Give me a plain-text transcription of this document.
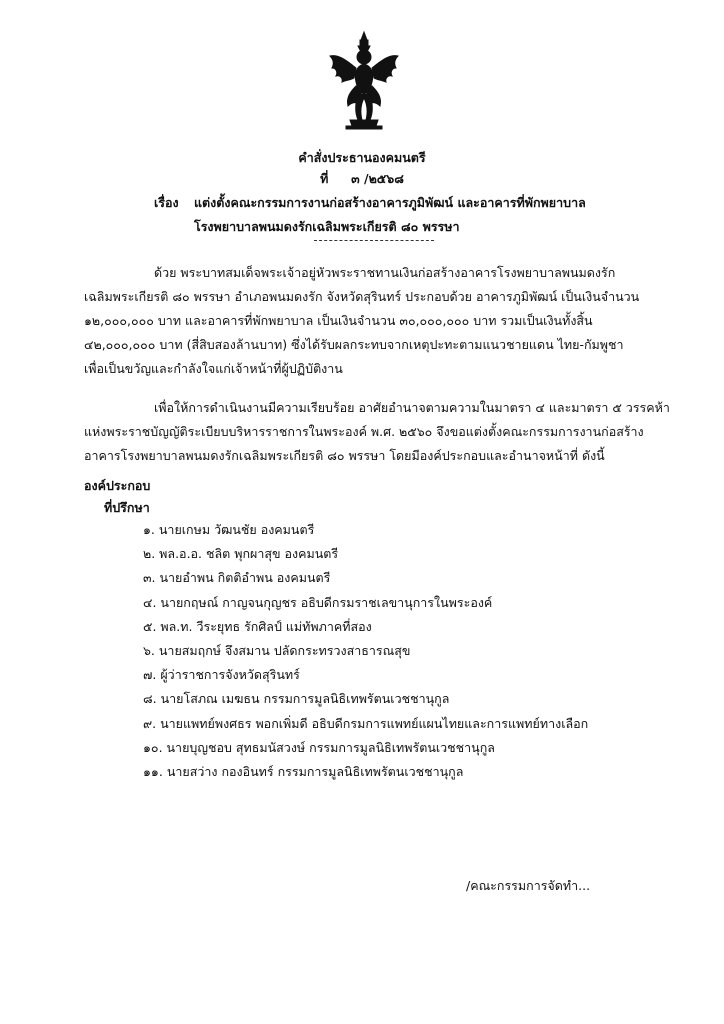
คำสั่งประธานองคมนตรี
ที่ ๓ /๒๕๖๘
เรื่อง แต่งตั้งคณะกรรมการงานก่อสร้างอาคารภูมิพัฒน์ และอาคารที่พักพยาบาล
โรงพยาบาลพนมดงรักเฉลิมพระเกียรติ ๘๐ พรรษา
ด้วย พระบาทสมเด็จพระเจ้าอยู่หัวพระราชทานเงินก่อสร้างอาคารโรงพยาบาลพนมดงรัก
เฉลิมพระเกียรติ ๘๐ พรรษา อำเภอพนมดงรัก จังหวัดสุรินทร์ ประกอบด้วย อาคารภูมิพัฒน์ เป็นเงินจำนวน
๑๒,๐๐๐,๐๐๐ บาท และอาคารที่พักพยาบาล เป็นเงินจำนวน ๓๐,๐๐๐,๐๐๐ บาท รวมเป็นเงินทั้งสิ้น
๔๒,๐๐๐,๐๐๐ บาท (สี่สิบสองล้านบาท) ซึ่งได้รับผลกระทบจากเหตุปะทะตามแนวชายแดน ไทย-กัมพูชา
เพื่อเป็นขวัญและกำลังใจแก่เจ้าหน้าที่ผู้ปฏิบัติงาน
เพื่อให้การดำเนินงานมีความเรียบร้อย อาศัยอำนาจตามความในมาตรา ๔ และมาตรา ๕ วรรคห้า
แห่งพระราชบัญญัติระเบียบบริหารราชการในพระองค์ พ.ศ. ๒๕๖๐ จึงขอแต่งตั้งคณะกรรมการงานก่อสร้าง
อาคารโรงพยาบาลพนมดงรักเฉลิมพระเกียรติ ๘๐ พรรษา โดยมีองค์ประกอบและอำนาจหน้าที่ ดังนี้
องค์ประกอบ
ที่ปรึกษา
๑. นายเกษม วัฒนชัย องคมนตรี
๒. พล.อ.อ. ชลิต พุกผาสุข องคมนตรี
๓. นายอำพน กิตติอำพน องคมนตรี
๔. นายกฤษณ์ กาญจนกุญชร อธิบดีกรมราชเลขานุการในพระองค์
๕. พล.ท. วีระยุทธ รักศิลป์ แม่ทัพภาคที่สอง
๖. นายสมฤกษ์ จึงสมาน ปลัดกระทรวงสาธารณสุข
๗. ผู้ว่าราชการจังหวัดสุรินทร์
๘. นายโสภณ เมฆธน กรรมการมูลนิธิเทพรัตนเวชชานุกูล
๙. นายแพทย์พงศธร พอกเพิ่มดี อธิบดีกรมการแพทย์แผนไทยและการแพทย์ทางเลือก
๑๐. นายบุญชอบ สุทธมนัสวงษ์ กรรมการมูลนิธิเทพรัตนเวชชานุกูล
๑๑. นายสว่าง กองอินทร์ กรรมการมูลนิธิเทพรัตนเวชชานุกูล
/คณะกรรมการจัดทำ...
